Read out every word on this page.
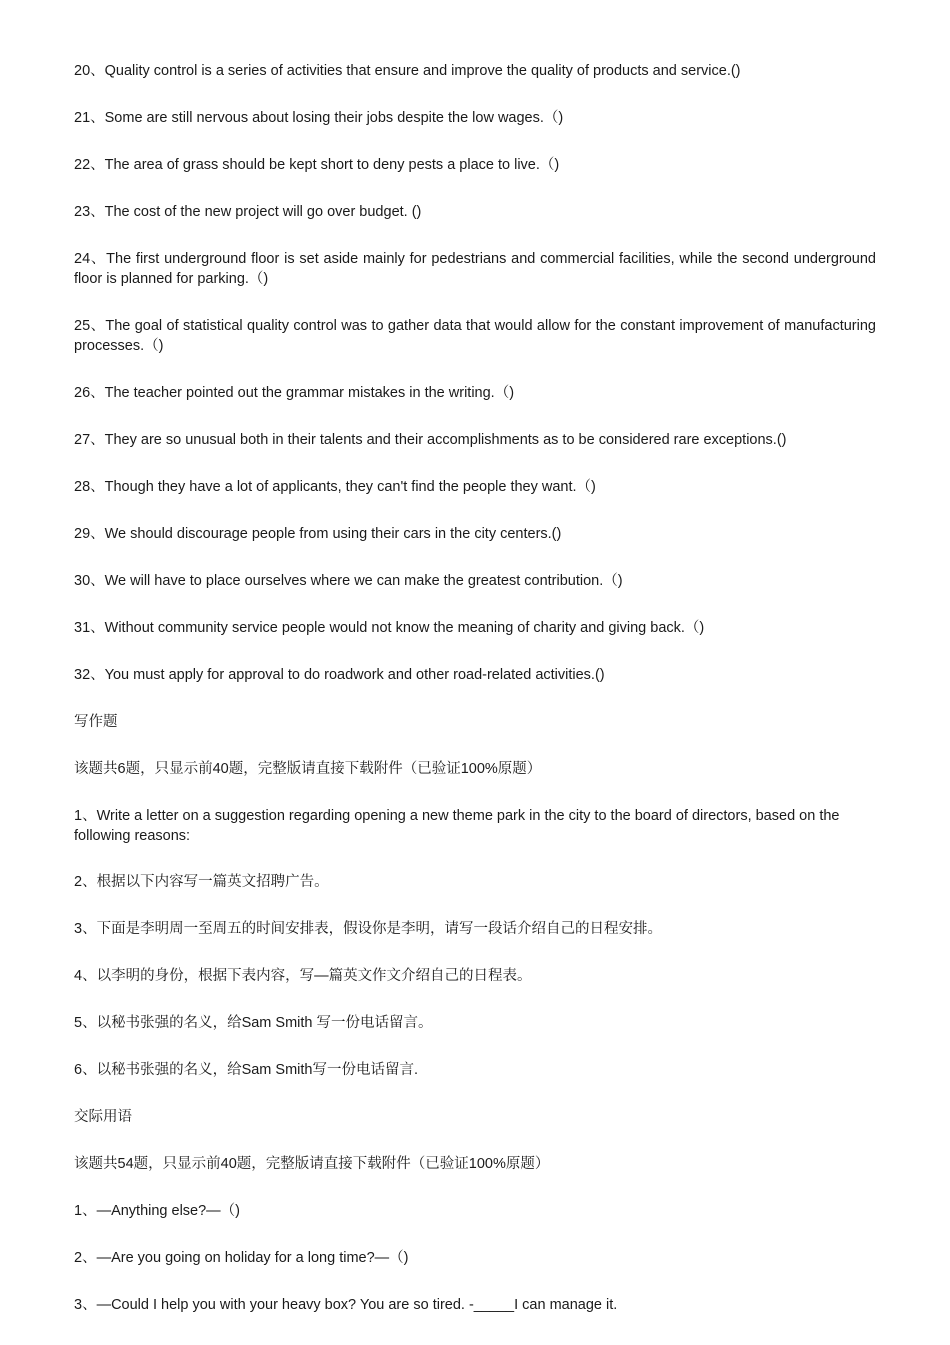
20、Quality control is a series of activities that ensure and improve the quality of products and service.()
21、Some are still nervous about losing their jobs despite the low wages.（)
22、The area of grass should be kept short to deny pests a place to live.（)
23、The cost of the new project will go over budget. ()
24、The first underground floor is set aside mainly for pedestrians and commercial facilities, while the second underground floor is planned for parking.（)
25、The goal of statistical quality control was to gather data that would allow for the constant improvement of manufacturing processes.（)
26、The teacher pointed out the grammar mistakes in the writing.（)
27、They are so unusual both in their talents and their accomplishments as to be considered rare exceptions.()
28、Though they have a lot of applicants, they can't find the people they want.（)
29、We should discourage people from using their cars in the city centers.()
30、We will have to place ourselves where we can make the greatest contribution.（)
31、Without community service people would not know the meaning of charity and giving back.（)
32、You must apply for approval to do roadwork and other road-related activities.()
写作题
该题共6题，只显示前40题，完整版请直接下载附件（已验证100%原题）
1、Write a letter on a suggestion regarding opening a new theme park in the city to the board of directors, based on the following reasons:
2、根据以下内容写一篇英文招聘广告。
3、下面是李明周一至周五的时间安排表，假设你是李明，请写一段话介绍自己的日程安排。
4、以李明的身份，根据下表内容，写—篇英文作文介绍自己的日程表。
5、以秘书张强的名义，给Sam Smith 写一份电话留言。
6、以秘书张强的名义，给Sam Smith写一份电话留言.
交际用语
该题共54题，只显示前40题，完整版请直接下载附件（已验证100%原题）
1、—Anything else?—（)
2、—Are you going on holiday for a long time?—（)
3、—Could I help you with your heavy box? You are so tired. -_____I can manage it.
